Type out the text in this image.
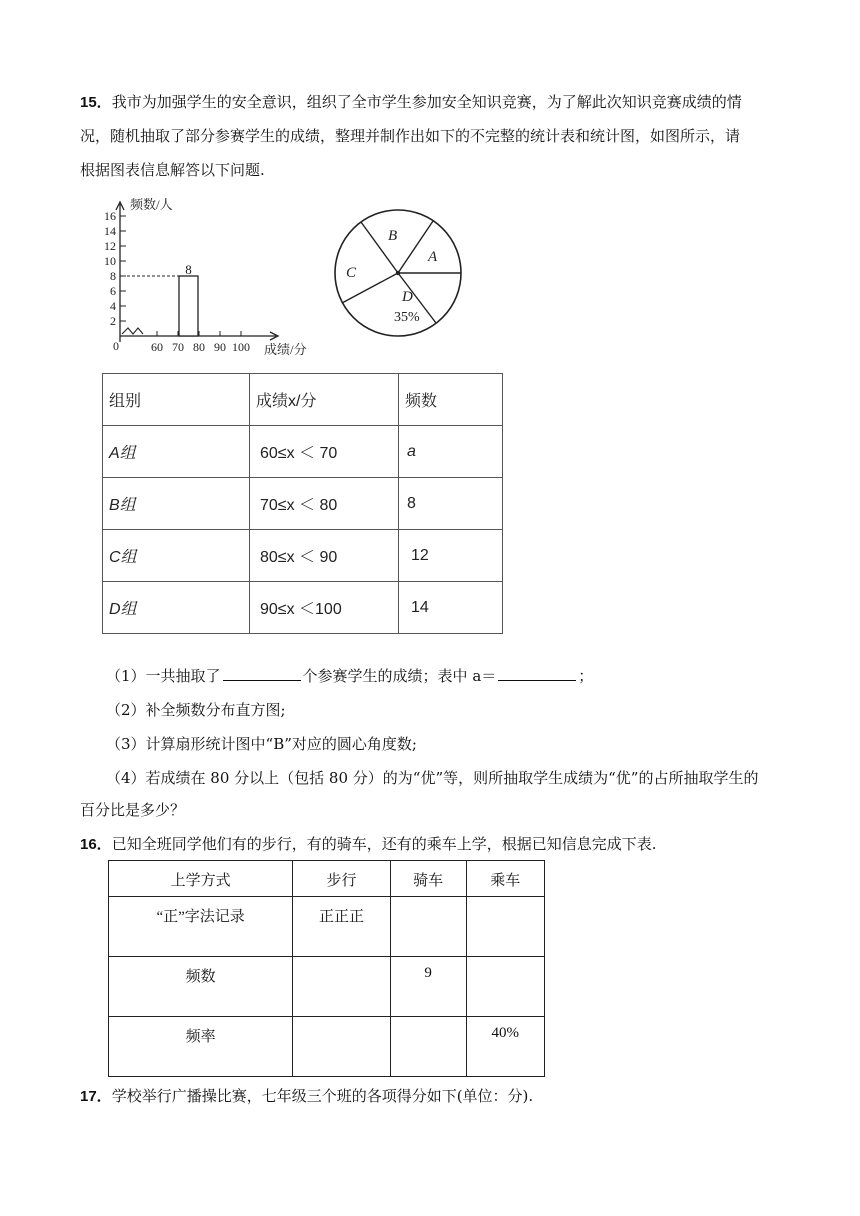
15．我市为加强学生的安全意识，组织了全市学生参加安全知识竞赛，为了解此次知识竞赛成绩的情
况，随机抽取了部分参赛学生的成绩，整理并制作出如下的不完整的统计表和统计图，如图所示，请
根据图表信息解答以下问题.
频数/人
2
4
6
8
10
12
14
16
0	60 70 80 90 100 成绩/分
8
B
A
C
D
35%
组别	成绩x/分	频数
A组	60≤x ＜ 70	a
B组	70≤x ＜ 80	8
C组	80≤x ＜ 90	12
D组	90≤x ＜100	14
（1）一共抽取了	个参赛学生的成绩；表中 a＝	；
（2）补全频数分布直方图;
（3）计算扇形统计图中“B”对应的圆心角度数;
（4）若成绩在 80 分以上（包括 80 分）的为“优”等，则所抽取学生成绩为“优”的占所抽取学生的
百分比是多少？
16．已知全班同学他们有的步行，有的骑车，还有的乘车上学，根据已知信息完成下表.
上学方式	步行	骑车	乘车
“正”字法记录	正正正		
频数		9	
频率			40%
17．学校举行广播操比赛，七年级三个班的各项得分如下(单位：分).
